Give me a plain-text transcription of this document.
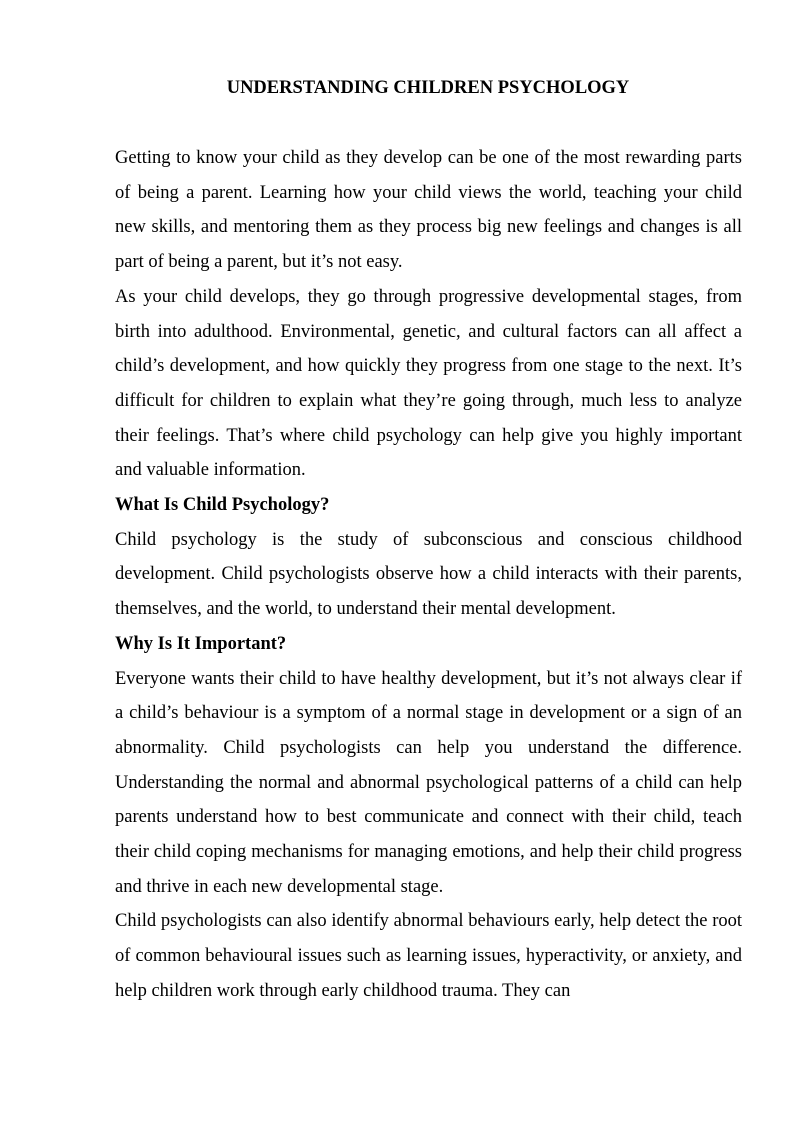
UNDERSTANDING CHILDREN PSYCHOLOGY

Getting to know your child as they develop can be one of the most rewarding parts of being a parent. Learning how your child views the world, teaching your child new skills, and mentoring them as they process big new feelings and changes is all part of being a parent, but it’s not easy.

As your child develops, they go through progressive developmental stages, from birth into adulthood. Environmental, genetic, and cultural factors can all affect a child’s development, and how quickly they progress from one stage to the next. It’s difficult for children to explain what they’re going through, much less to analyze their feelings. That’s where child psychology can help give you highly important and valuable information.

What Is Child Psychology?

Child psychology is the study of subconscious and conscious childhood development. Child psychologists observe how a child interacts with their parents, themselves, and the world, to understand their mental development.

Why Is It Important?

Everyone wants their child to have healthy development, but it’s not always clear if a child’s behaviour is a symptom of a normal stage in development or a sign of an abnormality. Child psychologists can help you understand the difference. Understanding the normal and abnormal psychological patterns of a child can help parents understand how to best communicate and connect with their child, teach their child coping mechanisms for managing emotions, and help their child progress and thrive in each new developmental stage.

Child psychologists can also identify abnormal behaviours early, help detect the root of common behavioural issues such as learning issues, hyperactivity, or anxiety, and help children work through early childhood trauma. They can
